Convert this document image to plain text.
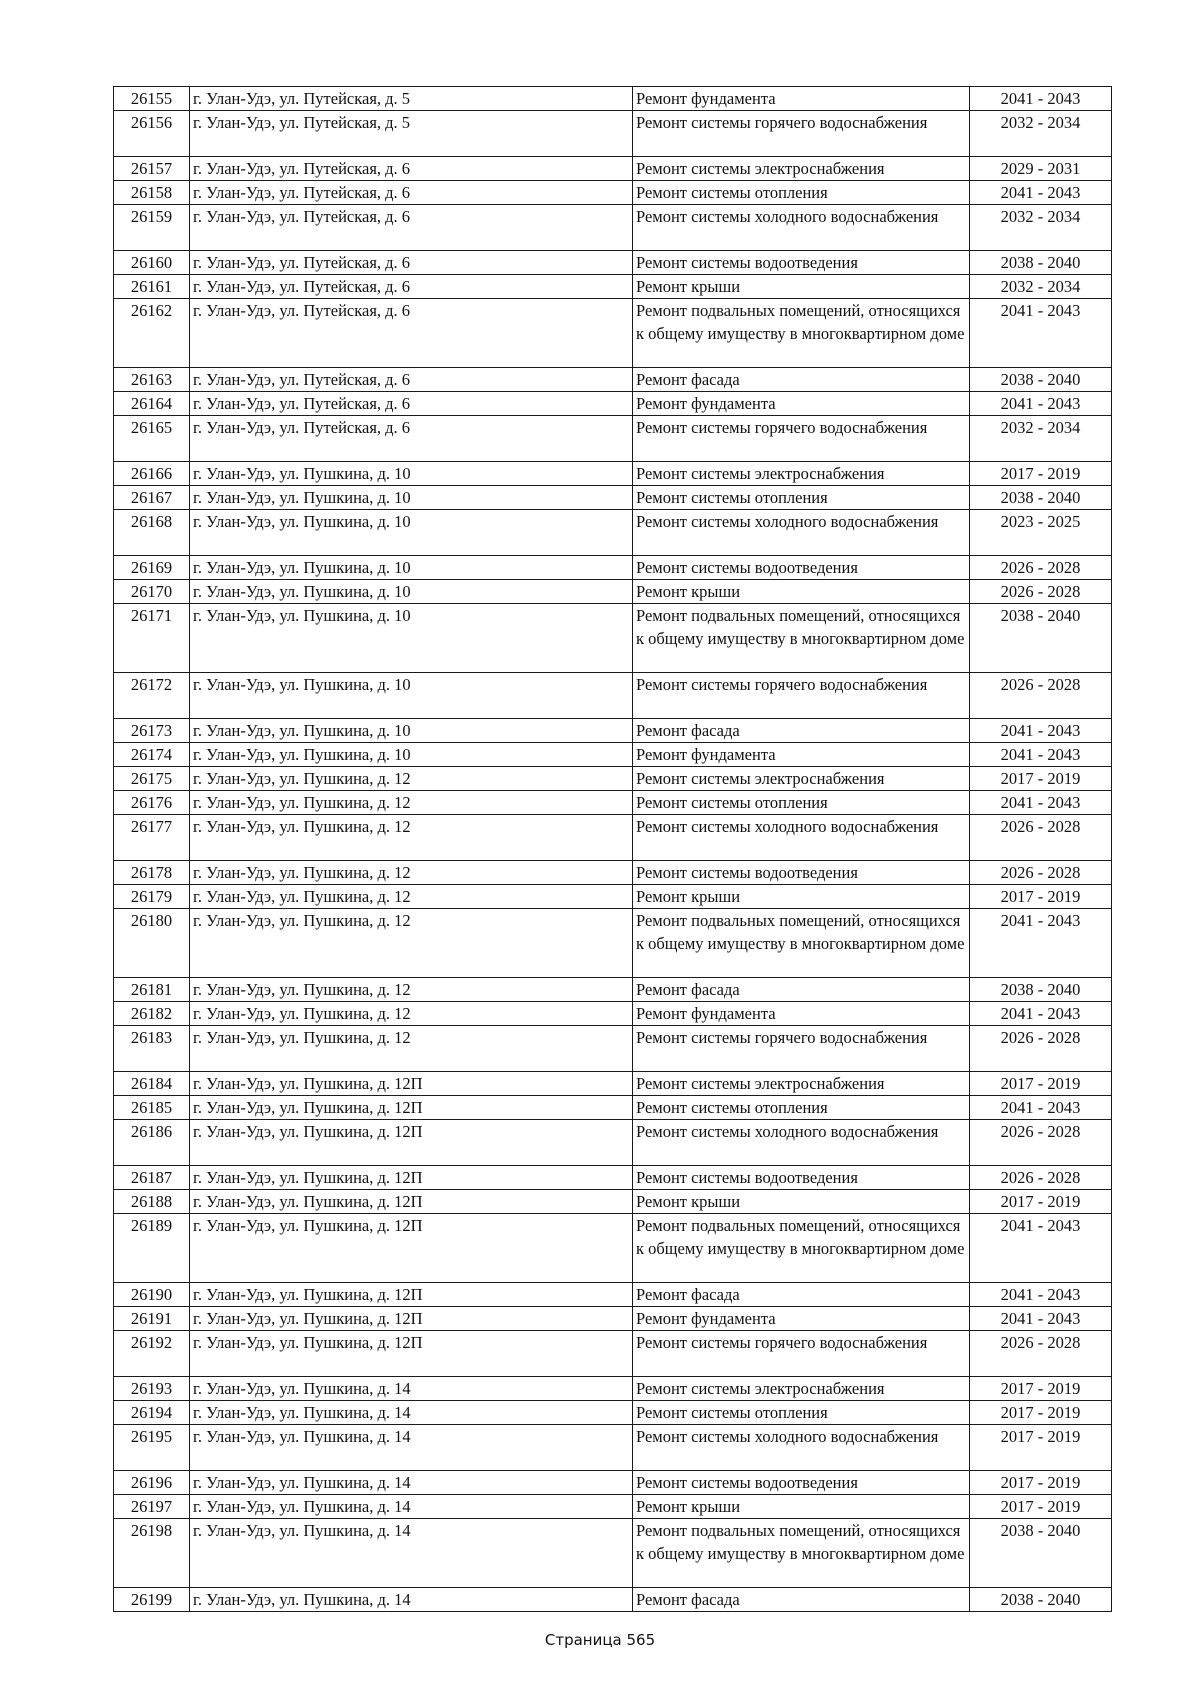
26155	г. Улан-Удэ, ул. Путейская, д. 5	Ремонт фундамента	2041 - 2043
26156	г. Улан-Удэ, ул. Путейская, д. 5	Ремонт системы горячего водоснабжения	2032 - 2034
26157	г. Улан-Удэ, ул. Путейская, д. 6	Ремонт системы электроснабжения	2029 - 2031
26158	г. Улан-Удэ, ул. Путейская, д. 6	Ремонт системы отопления	2041 - 2043
26159	г. Улан-Удэ, ул. Путейская, д. 6	Ремонт системы холодного водоснабжения	2032 - 2034
26160	г. Улан-Удэ, ул. Путейская, д. 6	Ремонт системы водоотведения	2038 - 2040
26161	г. Улан-Удэ, ул. Путейская, д. 6	Ремонт крыши	2032 - 2034
26162	г. Улан-Удэ, ул. Путейская, д. 6	Ремонт подвальных помещений, относящихся к общему имуществу в многоквартирном доме	2041 - 2043
26163	г. Улан-Удэ, ул. Путейская, д. 6	Ремонт фасада	2038 - 2040
26164	г. Улан-Удэ, ул. Путейская, д. 6	Ремонт фундамента	2041 - 2043
26165	г. Улан-Удэ, ул. Путейская, д. 6	Ремонт системы горячего водоснабжения	2032 - 2034
26166	г. Улан-Удэ, ул. Пушкина, д. 10	Ремонт системы электроснабжения	2017 - 2019
26167	г. Улан-Удэ, ул. Пушкина, д. 10	Ремонт системы отопления	2038 - 2040
26168	г. Улан-Удэ, ул. Пушкина, д. 10	Ремонт системы холодного водоснабжения	2023 - 2025
26169	г. Улан-Удэ, ул. Пушкина, д. 10	Ремонт системы водоотведения	2026 - 2028
26170	г. Улан-Удэ, ул. Пушкина, д. 10	Ремонт крыши	2026 - 2028
26171	г. Улан-Удэ, ул. Пушкина, д. 10	Ремонт подвальных помещений, относящихся к общему имуществу в многоквартирном доме	2038 - 2040
26172	г. Улан-Удэ, ул. Пушкина, д. 10	Ремонт системы горячего водоснабжения	2026 - 2028
26173	г. Улан-Удэ, ул. Пушкина, д. 10	Ремонт фасада	2041 - 2043
26174	г. Улан-Удэ, ул. Пушкина, д. 10	Ремонт фундамента	2041 - 2043
26175	г. Улан-Удэ, ул. Пушкина, д. 12	Ремонт системы электроснабжения	2017 - 2019
26176	г. Улан-Удэ, ул. Пушкина, д. 12	Ремонт системы отопления	2041 - 2043
26177	г. Улан-Удэ, ул. Пушкина, д. 12	Ремонт системы холодного водоснабжения	2026 - 2028
26178	г. Улан-Удэ, ул. Пушкина, д. 12	Ремонт системы водоотведения	2026 - 2028
26179	г. Улан-Удэ, ул. Пушкина, д. 12	Ремонт крыши	2017 - 2019
26180	г. Улан-Удэ, ул. Пушкина, д. 12	Ремонт подвальных помещений, относящихся к общему имуществу в многоквартирном доме	2041 - 2043
26181	г. Улан-Удэ, ул. Пушкина, д. 12	Ремонт фасада	2038 - 2040
26182	г. Улан-Удэ, ул. Пушкина, д. 12	Ремонт фундамента	2041 - 2043
26183	г. Улан-Удэ, ул. Пушкина, д. 12	Ремонт системы горячего водоснабжения	2026 - 2028
26184	г. Улан-Удэ, ул. Пушкина, д. 12П	Ремонт системы электроснабжения	2017 - 2019
26185	г. Улан-Удэ, ул. Пушкина, д. 12П	Ремонт системы отопления	2041 - 2043
26186	г. Улан-Удэ, ул. Пушкина, д. 12П	Ремонт системы холодного водоснабжения	2026 - 2028
26187	г. Улан-Удэ, ул. Пушкина, д. 12П	Ремонт системы водоотведения	2026 - 2028
26188	г. Улан-Удэ, ул. Пушкина, д. 12П	Ремонт крыши	2017 - 2019
26189	г. Улан-Удэ, ул. Пушкина, д. 12П	Ремонт подвальных помещений, относящихся к общему имуществу в многоквартирном доме	2041 - 2043
26190	г. Улан-Удэ, ул. Пушкина, д. 12П	Ремонт фасада	2041 - 2043
26191	г. Улан-Удэ, ул. Пушкина, д. 12П	Ремонт фундамента	2041 - 2043
26192	г. Улан-Удэ, ул. Пушкина, д. 12П	Ремонт системы горячего водоснабжения	2026 - 2028
26193	г. Улан-Удэ, ул. Пушкина, д. 14	Ремонт системы электроснабжения	2017 - 2019
26194	г. Улан-Удэ, ул. Пушкина, д. 14	Ремонт системы отопления	2017 - 2019
26195	г. Улан-Удэ, ул. Пушкина, д. 14	Ремонт системы холодного водоснабжения	2017 - 2019
26196	г. Улан-Удэ, ул. Пушкина, д. 14	Ремонт системы водоотведения	2017 - 2019
26197	г. Улан-Удэ, ул. Пушкина, д. 14	Ремонт крыши	2017 - 2019
26198	г. Улан-Удэ, ул. Пушкина, д. 14	Ремонт подвальных помещений, относящихся к общему имуществу в многоквартирном доме	2038 - 2040
26199	г. Улан-Удэ, ул. Пушкина, д. 14	Ремонт фасада	2038 - 2040
Страница 565
